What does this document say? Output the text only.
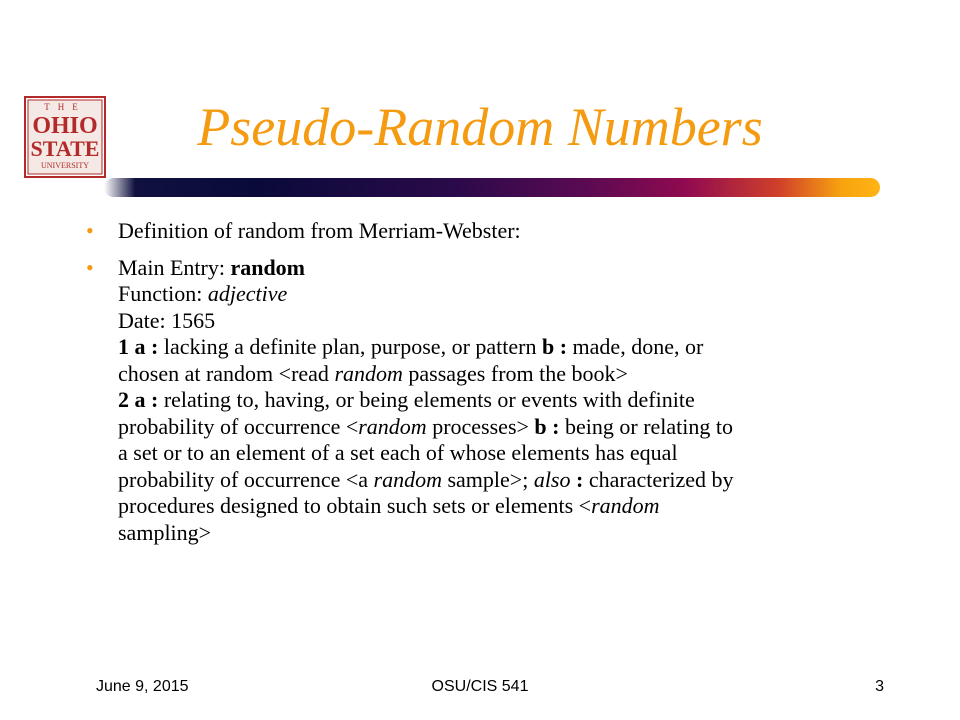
THE
OHIO
STATE
UNIVERSITY
Pseudo-Random Numbers
• Definition of random from Merriam-Webster:
• Main Entry: random
Function: adjective
Date: 1565
1 a : lacking a definite plan, purpose, or pattern b : made, done, or
chosen at random <read random passages from the book>
2 a : relating to, having, or being elements or events with definite
probability of occurrence <random processes> b : being or relating to
a set or to an element of a set each of whose elements has equal
probability of occurrence <a random sample>; also : characterized by
procedures designed to obtain such sets or elements <random
sampling>
June 9, 2015	OSU/CIS 541	3
